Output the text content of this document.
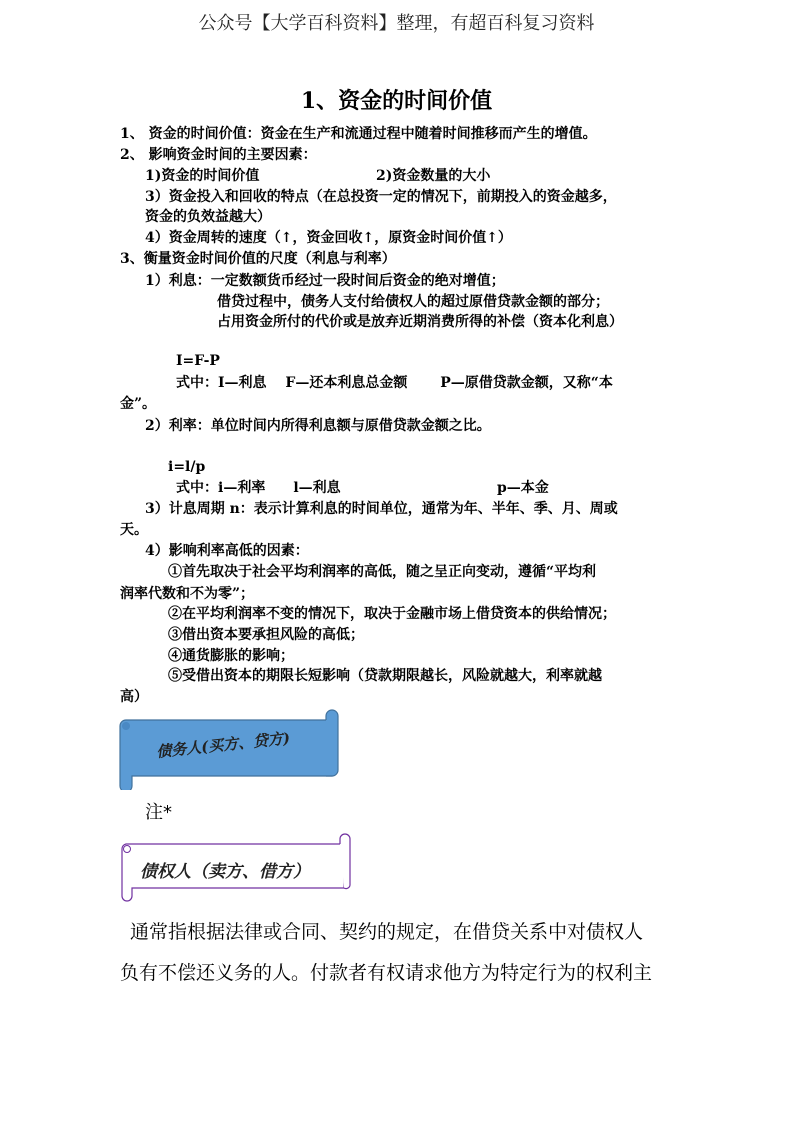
公众号【大学百科资料】整理，有超百科复习资料
1、资金的时间价值
1、 资金的时间价值：资金在生产和流通过程中随着时间推移而产生的增值。
2、 影响资金时间的主要因素：
1)资金的时间价值	2)资金数量的大小
3）资金投入和回收的特点（在总投资一定的情况下，前期投入的资金越多，
资金的负效益越大）
4）资金周转的速度（↑，资金回收↑，原资金时间价值↑）
3、衡量资金时间价值的尺度（利息与利率）
1）利息：一定数额货币经过一段时间后资金的绝对增值；
借贷过程中，债务人支付给债权人的超过原借贷款金额的部分；
占用资金所付的代价或是放弃近期消费所得的补偿（资本化利息）
I=F-P
式中：I—利息　 F—还本利息总金额　　 P—原借贷款金额，又称“本
金”。
2）利率：单位时间内所得利息额与原借贷款金额之比。
i=l/p
式中：i—利率　　l—利息	p—本金
3）计息周期 n：表示计算利息的时间单位，通常为年、半年、季、月、周或
天。
4）影响利率高低的因素：
①首先取决于社会平均利润率的高低，随之呈正向变动，遵循“平均利
润率代数和不为零”；
②在平均利润率不变的情况下，取决于金融市场上借贷资本的供给情况；
③借出资本要承担风险的高低；
④通货膨胀的影响；
⑤受借出资本的期限长短影响（贷款期限越长，风险就越大，利率就越
高）
债务人(买方、贷方)
注*
债权人（卖方、借方）
通常指根据法律或合同、契约的规定，在借贷关系中对债权人
负有不偿还义务的人。付款者有权请求他方为特定行为的权利主
